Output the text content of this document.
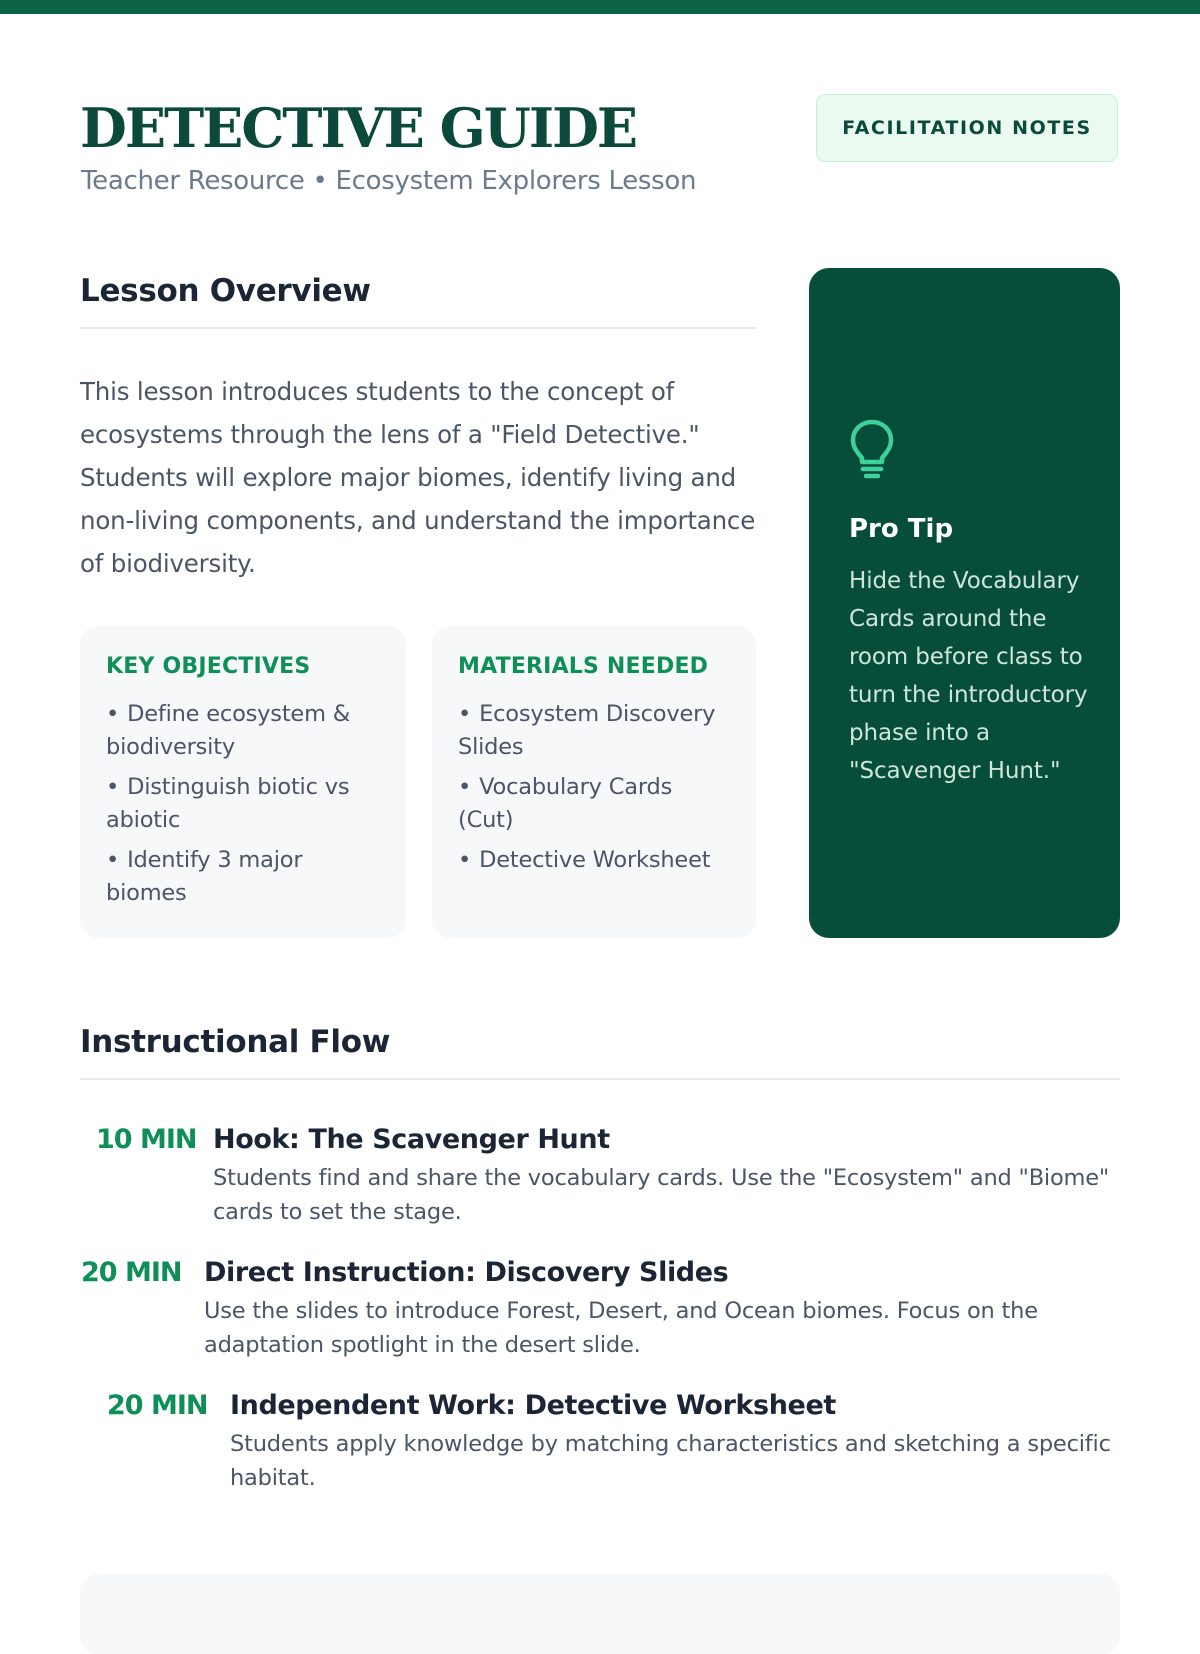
DETECTIVE GUIDE
Teacher Resource • Ecosystem Explorers Lesson
FACILITATION NOTES
Lesson Overview

This lesson introduces students to the concept of ecosystems through the lens of a "Field Detective." Students will explore major biomes, identify living and non-living components, and understand the importance of biodiversity.

KEY OBJECTIVES
• Define ecosystem & biodiversity
• Distinguish biotic vs abiotic
• Identify 3 major biomes
MATERIALS NEEDED
• Ecosystem Discovery Slides
• Vocabulary Cards (Cut)
• Detective Worksheet
Pro Tip

Hide the Vocabulary Cards around the room before class to turn the introductory phase into a "Scavenger Hunt."

Instructional Flow
10 MIN Hook: The Scavenger Hunt

Students find and share the vocabulary cards. Use the "Ecosystem" and "Biome" cards to set the stage.

20 MIN Direct Instruction: Discovery Slides

Use the slides to introduce Forest, Desert, and Ocean biomes. Focus on the adaptation spotlight in the desert slide.

20 MIN Independent Work: Detective Worksheet

Students apply knowledge by matching characteristics and sketching a specific habitat.
